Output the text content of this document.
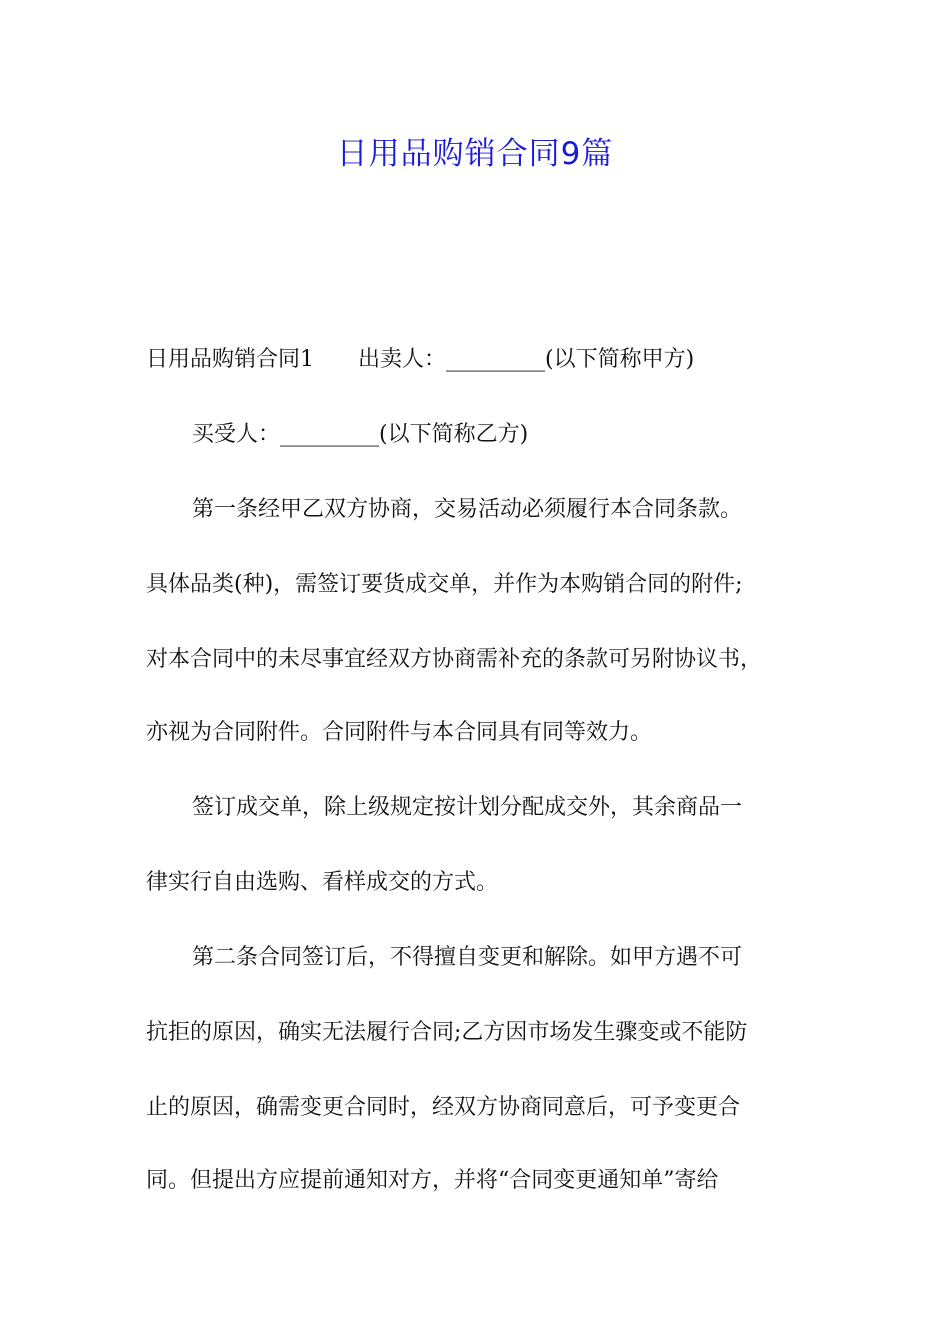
日用品购销合同9篇
日用品购销合同1 出卖人：_________(以下简称甲方)
买受人：_________(以下简称乙方)
第一条经甲乙双方协商，交易活动必须履行本合同条款。
具体品类(种)，需签订要货成交单，并作为本购销合同的附件;
对本合同中的未尽事宜经双方协商需补充的条款可另附协议书，
亦视为合同附件。合同附件与本合同具有同等效力。
签订成交单，除上级规定按计划分配成交外，其余商品一
律实行自由选购、看样成交的方式。
第二条合同签订后，不得擅自变更和解除。如甲方遇不可
抗拒的原因，确实无法履行合同;乙方因市场发生骤变或不能防
止的原因，确需变更合同时，经双方协商同意后，可予变更合
同。但提出方应提前通知对方，并将“合同变更通知单”寄给
